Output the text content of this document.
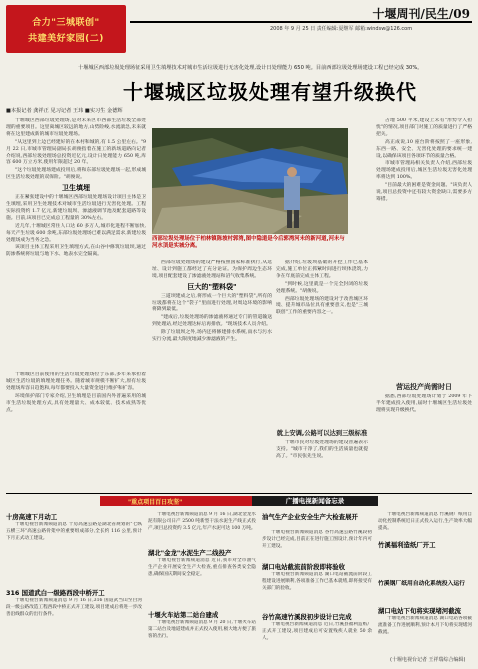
合力"三城联创"
共建美好家园(二)
十堰周刊/民生/09
2008 年 9 月 25 日 责任编辑:夏继军 邮箱:windsw@126.com
十堰城区西部垃圾处理场征采用卫生填埋技术对城市生活垃圾进行无害化处理,设计日处理能力 650 吨。目前西部垃圾处理场建设工程已经完成 30%。
十堰城区垃圾处理有望升级换代
■本报记者 龚祥正 见习记者 王玮 ■实习生 金德辉

十堰城区西部垃圾处理场,是对未来区市西部生活垃圾全部处理的重要项目。这里离城区较远的地方,山势险峻,水流湍急,未来就将在这里建成新的城市垃圾处理场。

"从这里到上边已经建好的在本村和城的,有 1.5 公里左右。"9 月 22 日,市城市管理局副局长胡俊指着在施工的新场道路向记者介绍说,西部垃圾处理场总投资近亿元,设计日处理能力 650 吨,库容 600 万立方米,使用年限超过 20 年。

"这个垃圾处理场建成投用后,将和东部垃圾处理场一起,形成城区生活垃圾处理的双保险。"胡俊说。

卫生填埋

正在紧张建设中的十堰城区西部垃圾处理场设计项目主体是卫生填埋,采用卫生处理技术对城市生活垃圾进行无害化处理。工程实际投资约 1.7 亿元,新建垃圾坝、渗滤液调节池及配套道路等设施。目前,该项目已完成总工程量的 30%左右。

近几年,十堰城区常住人口达 60 多万人,城市化进程不断加快,每天产生垃圾 600 余吨,东部垃圾处理场已难以满足需求,新建垃圾处理场成为当务之急。

该项目主体工程采用卫生填埋方式,在山谷中修筑垃圾坝,通过防渗系统将垃圾与地下水、地表水完全隔离。

十堰城区目前使用的生活垃圾处理场位于东部,多年来承担着城区生活垃圾的填埋处理任务。随着城市规模不断扩大,原有垃圾处理场库容日趋饱和,每年都要投入大量资金进行维护和扩容。

环境保护部门专家介绍,卫生填埋是目前国内外普遍采用的城市生活垃圾处理方式,具有处理量大、成本较低、技术成熟等优点。

西部垃圾处理场位于柏林镇陈坡村郭湾,图中隐道是今后郭湾河未的新河道,河未与河水顶是实城分离。

西部垃圾处理场的建设严格按照国家标准执行,从选址、设计到施工都经过了充分论证。为保护周边生态环境,项目配套建设了渗滤液处理站和沼气收集系统。

巨大的"塑料袋"

三道坝建成之后,将形成一个巨大的"塑料袋",所有的垃圾都将在这个"袋子"里面进行处理,对周边环境的影响将降到最低。

"建成后,垃圾处理场的渗滤液将通过专门的管道输送到处理站,经过处理达标后再排放。"现场技术人员介绍。

除了垃圾坝之外,场内还将修建排水系统,雨水与污水实行分流,最大限度地减少渗滤液的产生。

据介绍,垃圾坝基础的开挖工作已基本完成,施工单位正抓紧时间进行坝体浇筑,力争在年底前完成主体工程。

"到时候,这里就是一个完全封闭的垃圾处理系统。"胡俊说。

西部垃圾处理场的建设对于改善城区环境、提升城市品位具有重要意义,也是"三城联创"工作的重要内容之一。

就上安调,公路可以达到三级标准

十堰市民对垃圾处理场的建设普遍表示支持。"城市干净了,我们的生活质量也就提高了。"市民张先生说。

占地 500 平米,建设上未有"形势令人担忧"的情况,项目部门对施工的质量进行了严格把关。

高正成说,10 座台阶将按照了一座形象,东西一路、安全、无害化处理的要求统一建设,以确保该项目各项环节的质量合格。

市城市管理局相关负责人介绍,西部垃圾处理场建成投用后,城区生活垃圾无害化处理率将达到 100%。

"目前最大的困难是资金问题。"该负责人说,项目总投资中还有较大资金缺口,需要多方筹措。

营运投产尚需时日

据悉,西部垃圾处理场计划于 2009 年下半年建成投入使用,届时十堰城区生活垃圾处理将实现升级换代。

"重点项目百日攻坚"	广播电视新闻备忘录
十房高速下月动工

十堰电视台新闻频道消息 十房高速公路是湖北省规划的"七纵五横三环"高速公路骨架中的重要组成部分,全长约 116 公里,预计下月正式动工建设。

316 国道武白一级路西段中桥开工

十堰电视台新闻频道消息 9 月 16 日,316 国道武当山至白河段一级公路改造工程西段中桥正式开工建设,项目建成后将进一步改善沿线群众的出行条件。

十堰电视台新闻频道消息 9 月 16 日,湖北金龙水泥有限公司日产 2500 吨新型干法水泥生产线正式投产,项目总投资约 3.5 亿元,年产水泥可达 100 万吨。

湖北"金龙"水泥生产二线投产

十堰电视台新闻频道消息 近日,我市对全市油气生产企业开展安全生产大检查,重点排查各类安全隐患,确保国庆期间安全稳定。

十堰火车站第二站台建成

十堰电视台新闻频道消息 9 月 20 日,十堰火车站第二站台及地道建成并正式投入使用,极大地方便了旅客的出行。

油气生产企业安全生产大检查展开

十堰电视台新闻频道消息 谷竹高速公路竹溪段初步设计已经完成,目前正在进行施工图设计,预计年内可开工建设。

湖口电站截流前阶段即将验收

十堰电视台新闻频道消息 湖口电站截流前阶段工程建设进展顺利,各项准备工作已基本就绪,即将接受有关部门的验收。

谷竹高速竹溪段初步设计已完成

十堰电视台新闻频道消息 近日,竹溪县福利造纸厂正式开工建设,项目建成后可安置残疾人就业 50 余人。

十堰电视台新闻频道消息 竹溪钢厂纸用自动化控制系统近日正式投入运行,生产效率大幅提高。

竹溪福利造纸厂开工
竹溪钢厂纸用自动化系统投入运行
湖口电站下旬将实现堵河截流

十堰电视台新闻频道消息 湖口电站各项截流准备工作进展顺利,预计本月下旬将实现堵河截流。

(十堰电视台记者 王祥瑞综合编辑)
